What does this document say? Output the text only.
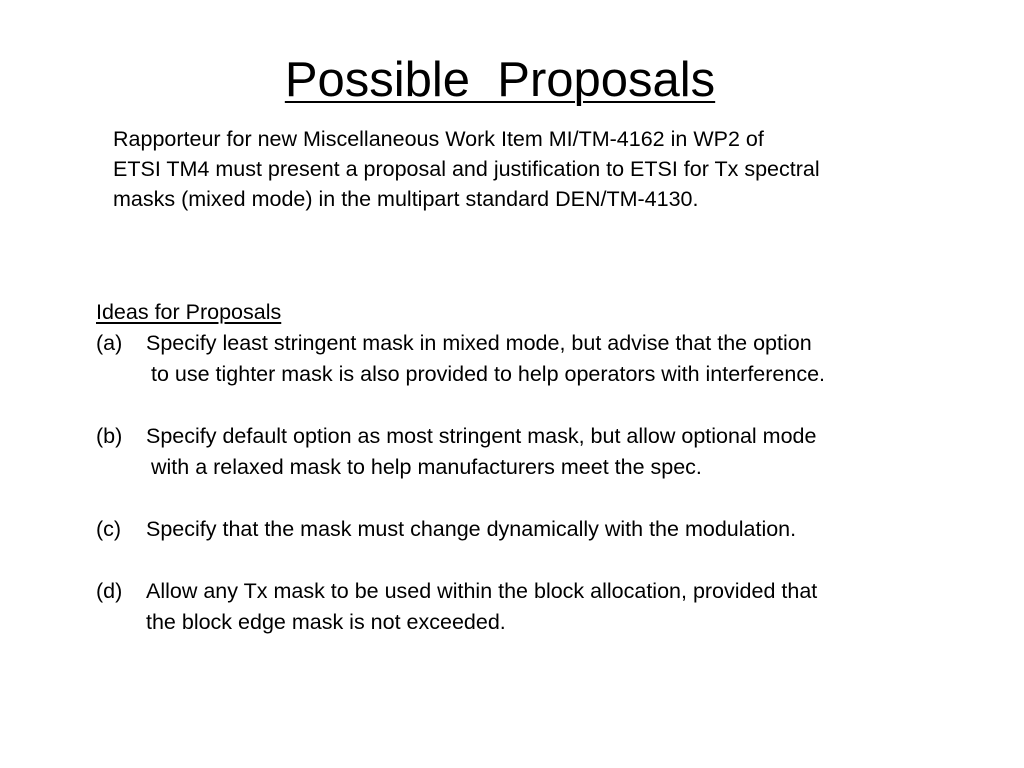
Possible  Proposals

Rapporteur for new Miscellaneous Work Item MI/TM-4162 in WP2 of
ETSI TM4 must present a proposal and justification to ETSI for Tx spectral
masks (mixed mode) in the multipart standard DEN/TM-4130.

Ideas for Proposals
(a) Specify least stringent mask in mixed mode, but advise that the option
to use tighter mask is also provided to help operators with interference.
(b) Specify default option as most stringent mask, but allow optional mode
with a relaxed mask to help manufacturers meet the spec.
(c) Specify that the mask must change dynamically with the modulation.
(d) Allow any Tx mask to be used within the block allocation, provided that
the block edge mask is not exceeded.
